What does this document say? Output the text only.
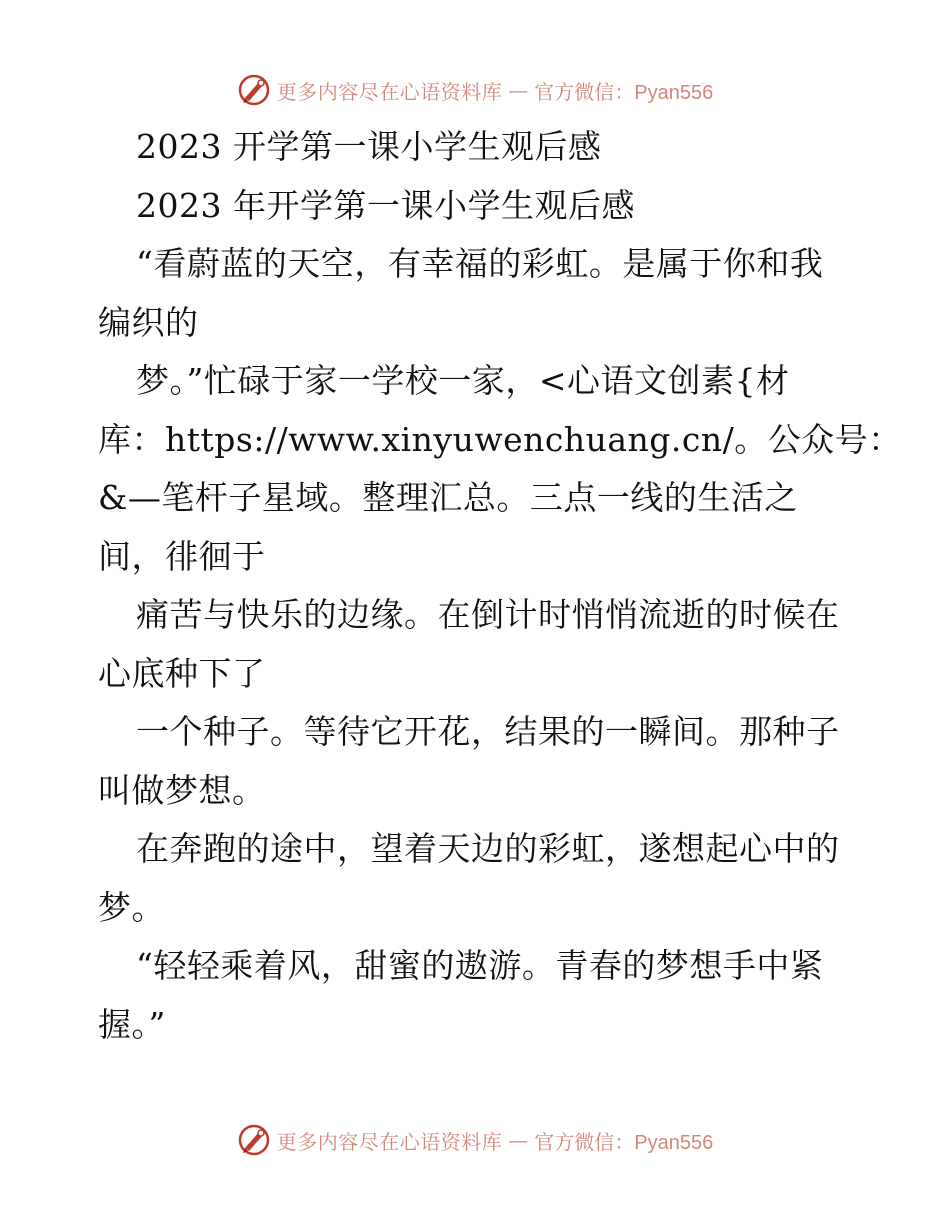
更多内容尽在心语资料库 — 官方微信：Pyan556
2023 开学第一课小学生观后感
2023 年开学第一课小学生观后感
“看蔚蓝的天空，有幸福的彩虹。是属于你和我
编织的
梦。”忙碌于家一学校一家，<心语文创素{材
库：https://www.xinyuwenchuang.cn/。公众号：
&—笔杆子星域。整理汇总。三点一线的生活之
间，徘徊于
痛苦与快乐的边缘。在倒计时悄悄流逝的时候在
心底种下了
一个种子。等待它开花，结果的一瞬间。那种子
叫做梦想。
在奔跑的途中，望着天边的彩虹，遂想起心中的
梦。
“轻轻乘着风，甜蜜的遨游。青春的梦想手中紧
握。”
更多内容尽在心语资料库 — 官方微信：Pyan556
